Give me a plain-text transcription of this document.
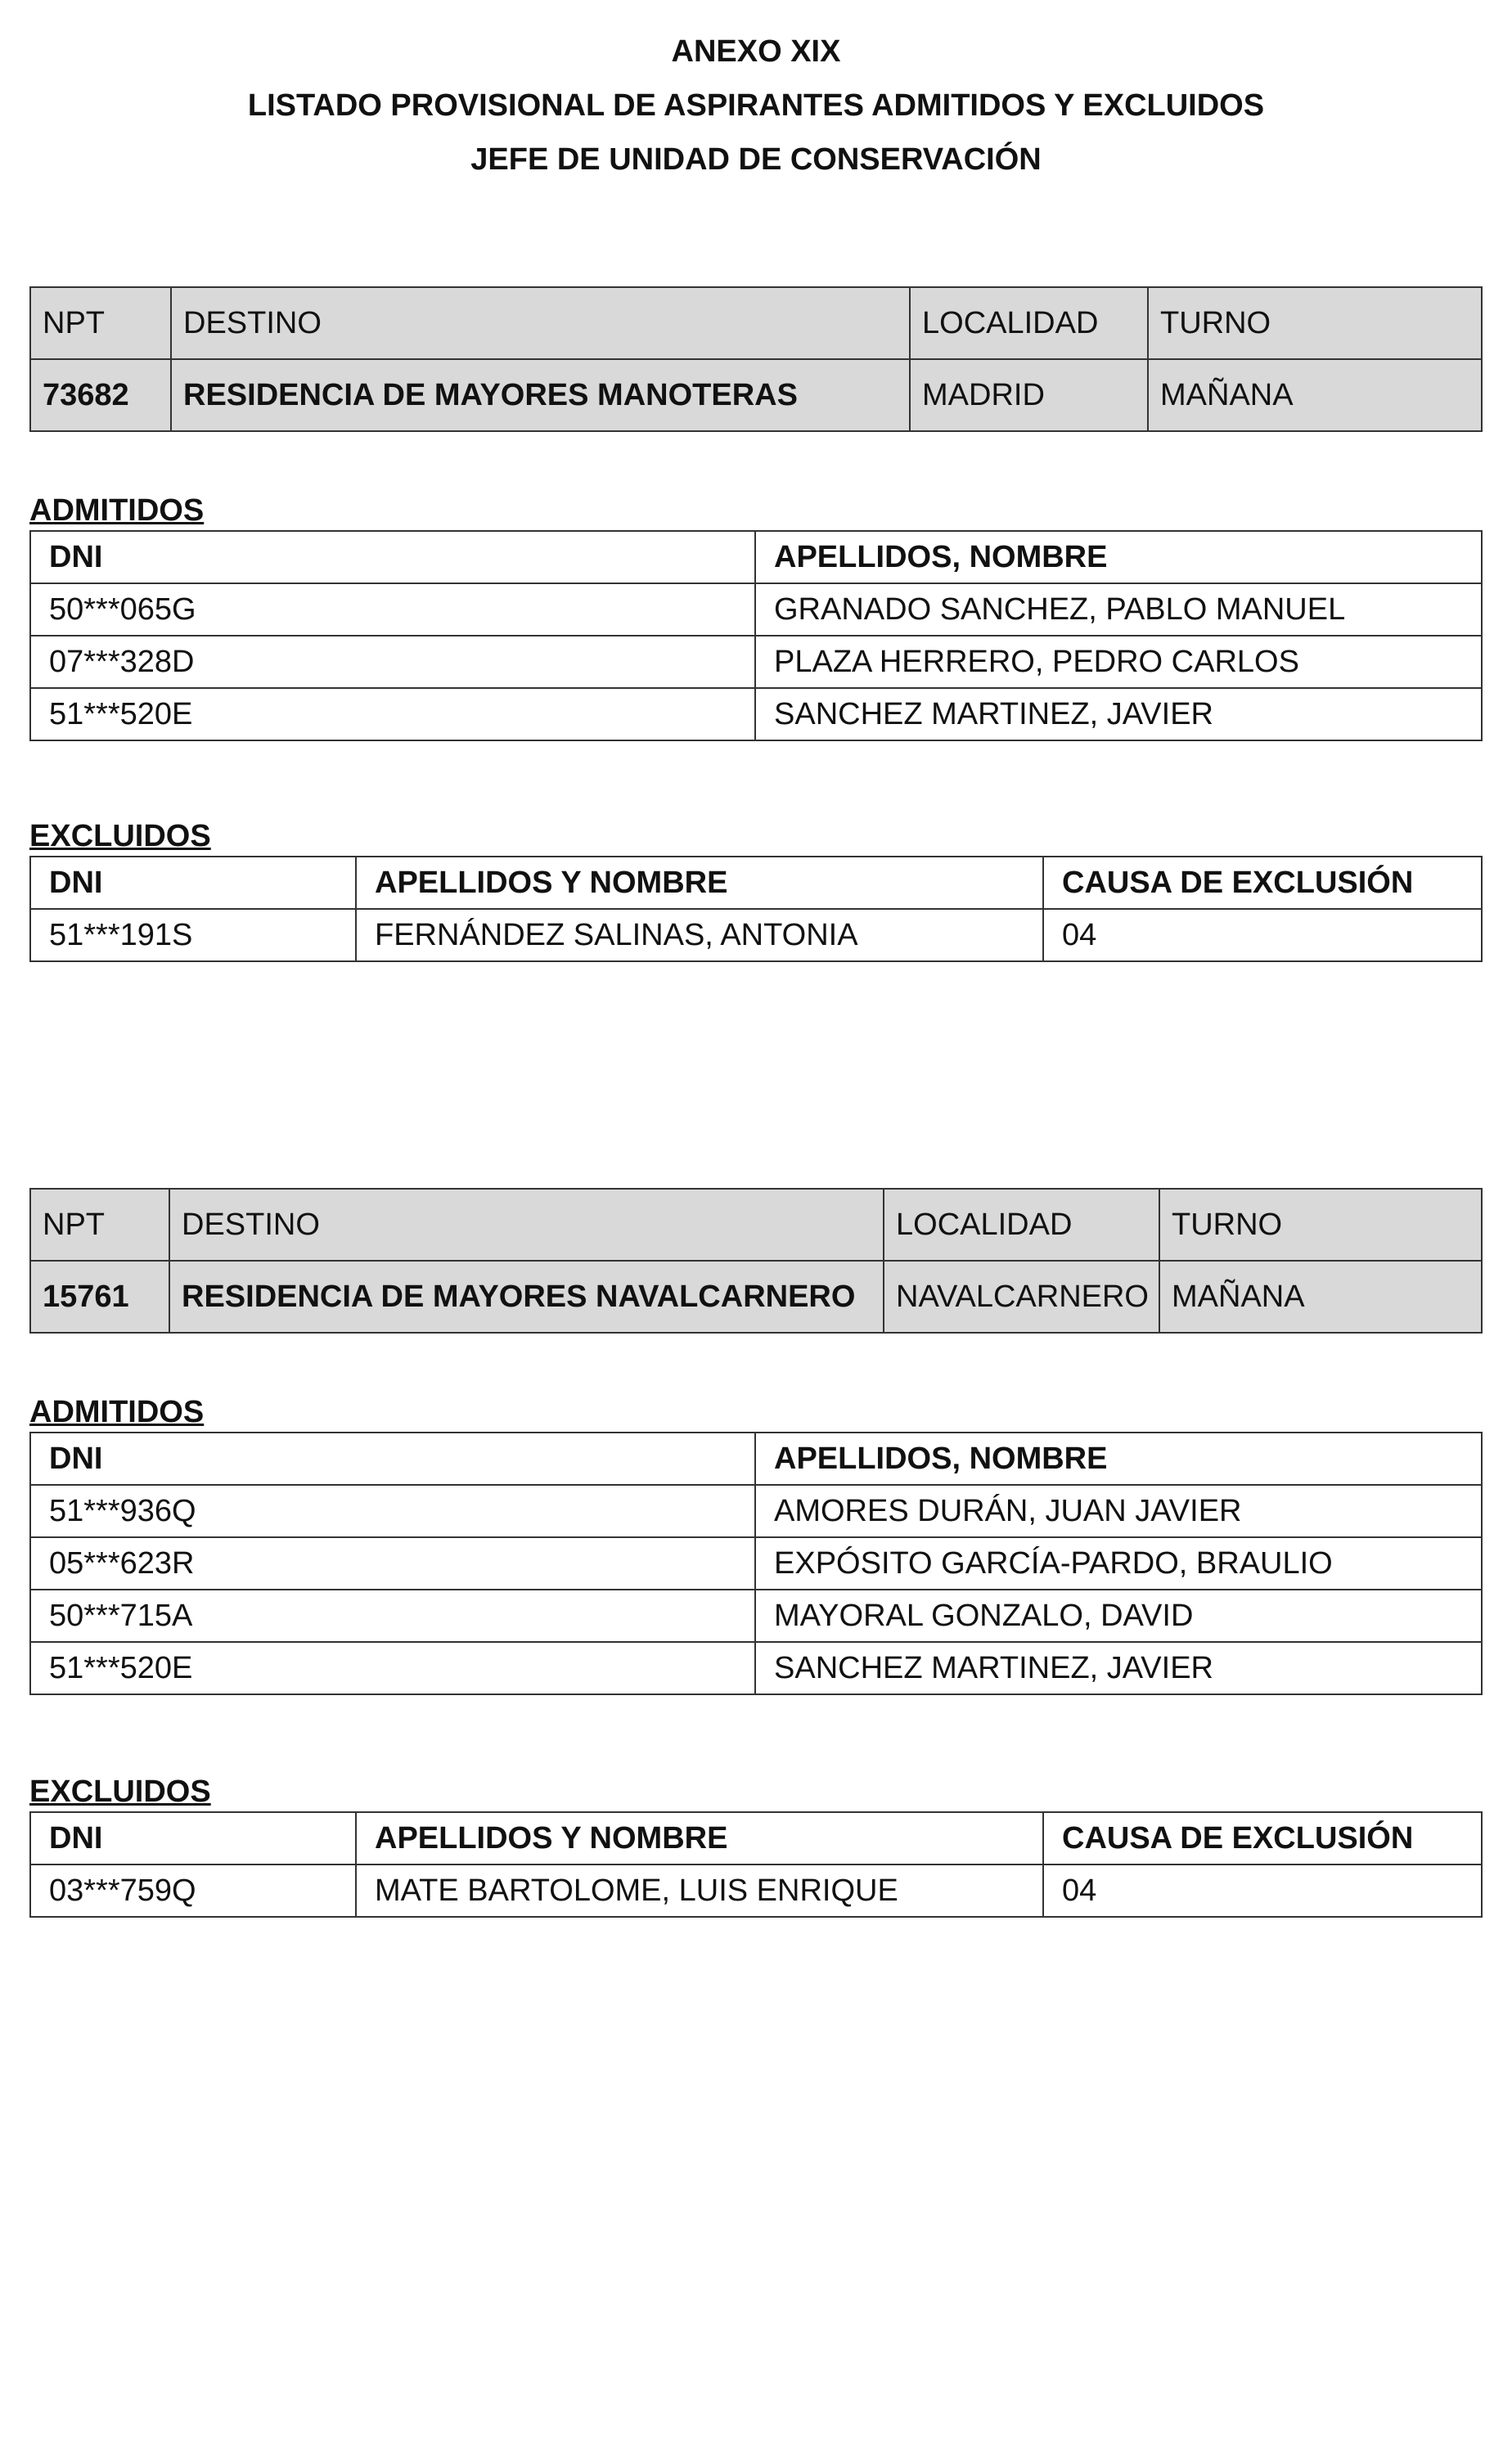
ANEXO XIX
LISTADO PROVISIONAL DE ASPIRANTES ADMITIDOS Y EXCLUIDOS
JEFE DE UNIDAD DE CONSERVACIÓN
NPT	DESTINO	LOCALIDAD	TURNO
73682	RESIDENCIA DE MAYORES MANOTERAS	MADRID	MAÑANA
ADMITIDOS
DNI	APELLIDOS, NOMBRE
50***065G	GRANADO SANCHEZ, PABLO MANUEL
07***328D	PLAZA HERRERO, PEDRO CARLOS
51***520E	SANCHEZ MARTINEZ, JAVIER
EXCLUIDOS
DNI	APELLIDOS Y NOMBRE	CAUSA DE EXCLUSIÓN
51***191S	FERNÁNDEZ SALINAS, ANTONIA	04
NPT	DESTINO	LOCALIDAD	TURNO
15761	RESIDENCIA DE MAYORES NAVALCARNERO	NAVALCARNERO	MAÑANA
ADMITIDOS
DNI	APELLIDOS, NOMBRE
51***936Q	AMORES DURÁN, JUAN JAVIER
05***623R	EXPÓSITO GARCÍA-PARDO, BRAULIO
50***715A	MAYORAL GONZALO, DAVID
51***520E	SANCHEZ MARTINEZ, JAVIER
EXCLUIDOS
DNI	APELLIDOS Y NOMBRE	CAUSA DE EXCLUSIÓN
03***759Q	MATE BARTOLOME, LUIS ENRIQUE	04
